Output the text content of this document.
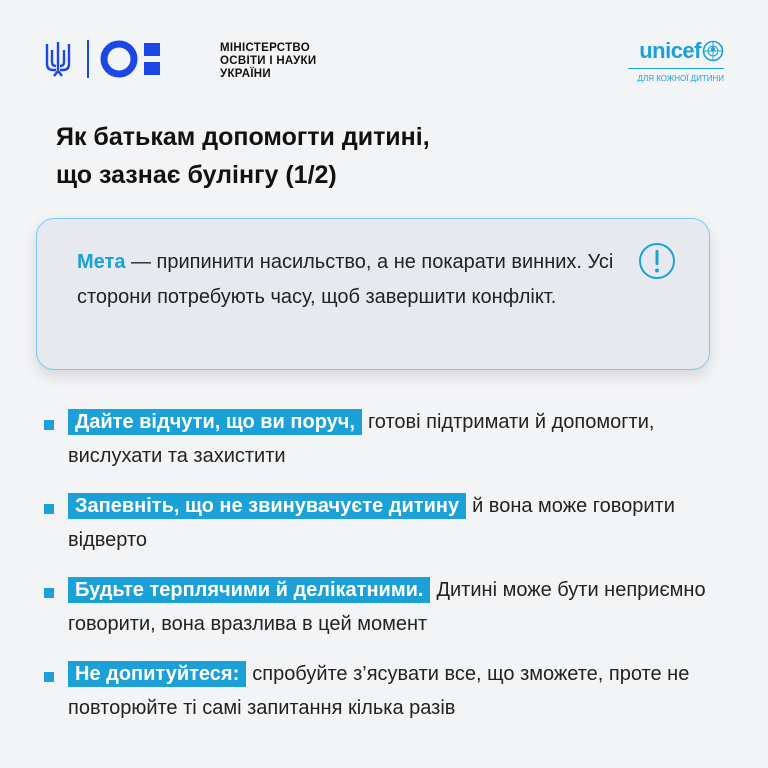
МІНІСТЕРСТВО
ОСВІТИ І НАУКИ
УКРАЇНИ
unicef
ДЛЯ КОЖНОЇ ДИТИНИ
Як батькам допомогти дитині,
що зазнає булінгу (1/2)
Мета — припинити насильство, а не покарати винних. Усі сторони потребують часу, щоб завершити конфлікт.
Дайте відчути, що ви поруч, готові підтримати й допомогти, вислухати та захистити
Запевніть, що не звинувачуєте дитину й вона може говорити відверто
Будьте терплячими й делікатними. Дитині може бути неприємно говорити, вона вразлива в цей момент
Не допитуйтеся: спробуйте з’ясувати все, що зможете, проте не повторюйте ті самі запитання кілька разів
